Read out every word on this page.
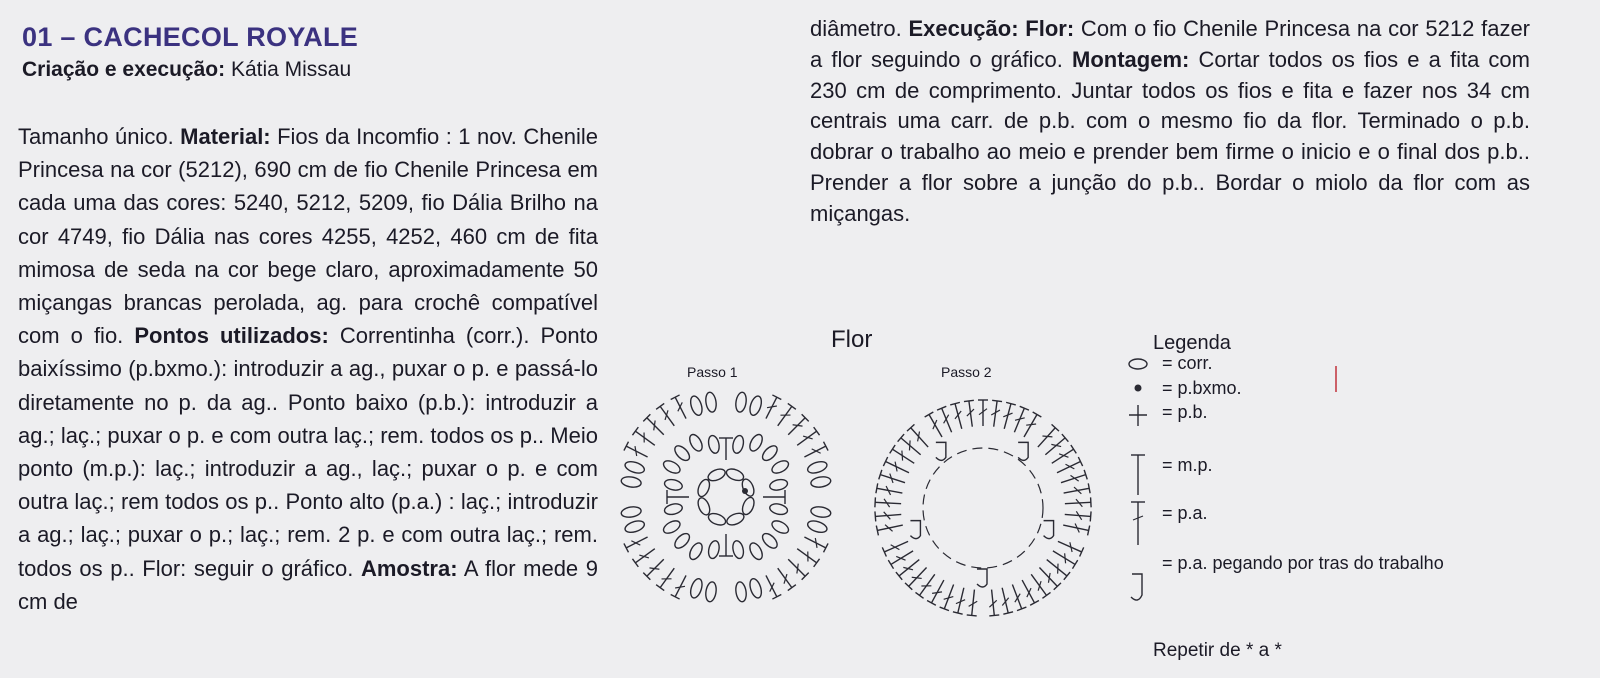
01 – CACHECOL ROYALE
Criação e execução: Kátia Missau
Tamanho único. Material: Fios da Incomfio : 1 nov. Chenile Princesa na cor (5212), 690 cm de fio Chenile Princesa em cada uma das cores: 5240, 5212, 5209, fio Dália Brilho na cor 4749, fio Dália nas cores 4255, 4252, 460 cm de fita mimosa de seda na cor bege claro, aproximadamente 50 miçangas brancas perolada, ag. para crochê compatível com o fio. Pontos utilizados: Correntinha (corr.). Ponto baixíssimo (p.bxmo.): introduzir a ag., puxar o p. e passá-lo diretamente no p. da ag.. Ponto baixo (p.b.): introduzir a ag.; laç.; puxar o p. e com outra laç.; rem. todos os p.. Meio ponto (m.p.): laç.; introduzir a ag., laç.; puxar o p. e com outra laç.; rem todos os p.. Ponto alto (p.a.) : laç.; introduzir a ag.; laç.; puxar o p.; laç.; rem. 2 p. e com outra laç.; rem. todos os p.. Flor: seguir o gráfico. Amostra: A flor mede 9 cm de
diâmetro. Execução: Flor: Com o fio Chenile Princesa na cor 5212 fazer a flor seguindo o gráfico. Montagem: Cortar todos os fios e a fita com 230 cm de comprimento. Juntar todos os fios e fita e fazer nos 34 cm centrais uma carr. de p.b. com o mesmo fio da flor. Terminado o p.b. dobrar o trabalho ao meio e prender bem firme o inicio e o final dos p.b.. Prender a flor sobre a junção do p.b.. Bordar o miolo da flor com as miçangas.
Flor
Passo 1	Passo 2
Legenda
= corr.
= p.bxmo.
= p.b.
= m.p.
= p.a.
= p.a. pegando por tras do trabalho
Repetir de * a *
